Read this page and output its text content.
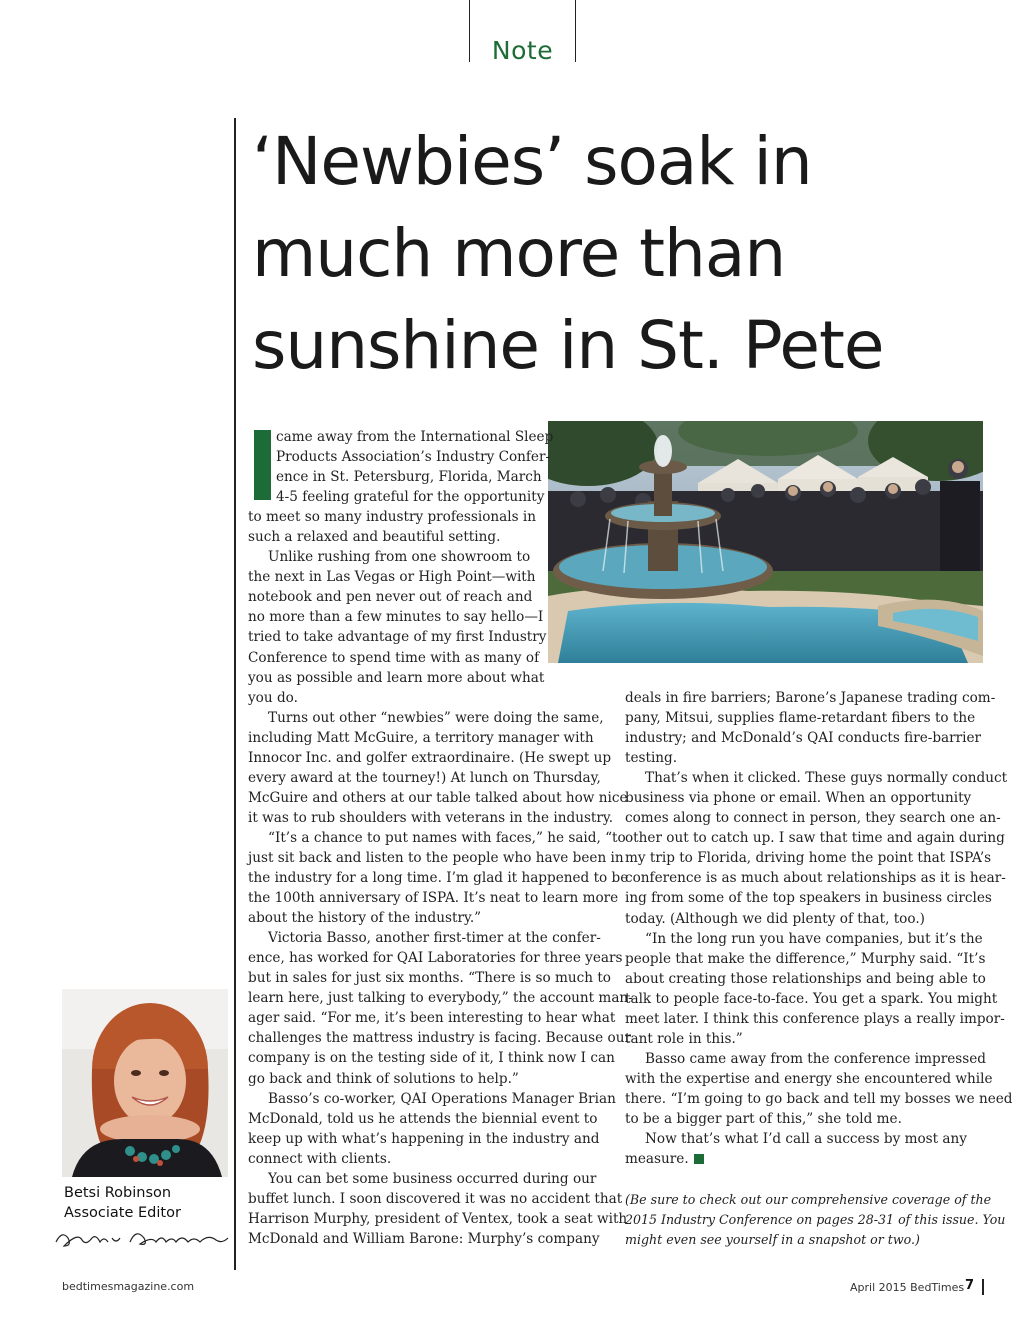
Note
‘Newbies’ soak in
much more than
sunshine in St. Pete
came away from the International Sleep
Products Association’s Industry Confer-
ence in St. Petersburg, Florida, March
4-5 feeling grateful for the opportunity
to meet so many industry professionals in
such a relaxed and beautiful setting.
Unlike rushing from one showroom to
the next in Las Vegas or High Point—with
notebook and pen never out of reach and
no more than a few minutes to say hello—I
tried to take advantage of my first Industry
Conference to spend time with as many of
you as possible and learn more about what
you do.
Turns out other “newbies” were doing the same,
including Matt McGuire, a territory manager with
Innocor Inc. and golfer extraordinaire. (He swept up
every award at the tourney!) At lunch on Thursday,
McGuire and others at our table talked about how nice
it was to rub shoulders with veterans in the industry.
“It’s a chance to put names with faces,” he said, “to
just sit back and listen to the people who have been in
the industry for a long time. I’m glad it happened to be
the 100th anniversary of ISPA. It’s neat to learn more
about the history of the industry.”
Victoria Basso, another first-timer at the confer-
ence, has worked for QAI Laboratories for three years
but in sales for just six months. “There is so much to
learn here, just talking to everybody,” the account man-
ager said. “For me, it’s been interesting to hear what
challenges the mattress industry is facing. Because our
company is on the testing side of it, I think now I can
go back and think of solutions to help.”
Basso’s co-worker, QAI Operations Manager Brian
McDonald, told us he attends the biennial event to
keep up with what’s happening in the industry and
connect with clients.
You can bet some business occurred during our
buffet lunch. I soon discovered it was no accident that
Harrison Murphy, president of Ventex, took a seat with
McDonald and William Barone: Murphy’s company
deals in fire barriers; Barone’s Japanese trading com-
pany, Mitsui, supplies flame-retardant fibers to the
industry; and McDonald’s QAI conducts fire-barrier
testing.
That’s when it clicked. These guys normally conduct
business via phone or email. When an opportunity
comes along to connect in person, they search one an-
other out to catch up. I saw that time and again during
my trip to Florida, driving home the point that ISPA’s
conference is as much about relationships as it is hear-
ing from some of the top speakers in business circles
today. (Although we did plenty of that, too.)
“In the long run you have companies, but it’s the
people that make the difference,” Murphy said. “It’s
about creating those relationships and being able to
talk to people face-to-face. You get a spark. You might
meet later. I think this conference plays a really impor-
tant role in this.”
Basso came away from the conference impressed
with the expertise and energy she encountered while
there. “I’m going to go back and tell my bosses we need
to be a bigger part of this,” she told me.
Now that’s what I’d call a success by most any
measure.
(Be sure to check out our comprehensive coverage of the
2015 Industry Conference on pages 28-31 of this issue. You
might even see yourself in a snapshot or two.)
Betsi Robinson
Associate Editor
bedtimesmagazine.com	April 2015 BedTimes 7
